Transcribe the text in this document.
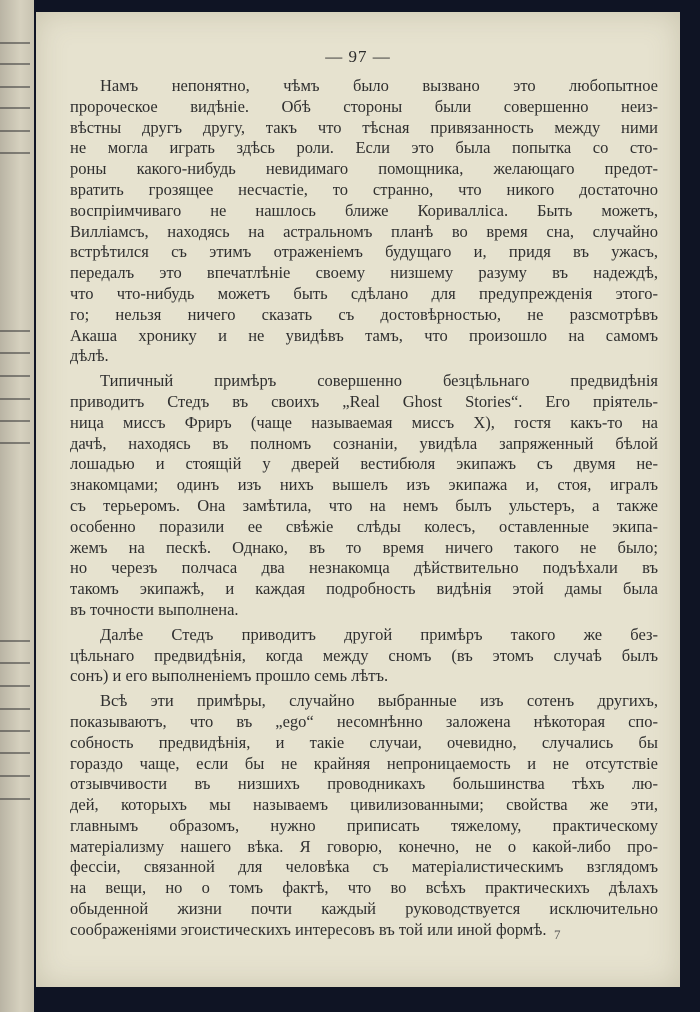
— 97 —
Намъ непонятно, чѣмъ было вызвано это любопытное
пророческое видѣніе. Обѣ стороны были совершенно неиз-
вѣстны другъ другу, такъ что тѣсная привязанность между ними
не могла играть здѣсь роли. Если это была попытка со сто-
роны какого-нибудь невидимаго помощника, желающаго предот-
вратить грозящее несчастіе, то странно, что никого достаточно
воспріимчиваго не нашлось ближе Коривалліса. Быть можетъ,
Вилліамсъ, находясь на астральномъ планѣ во время сна, случайно
встрѣтился съ этимъ отраженіемъ будущаго и, придя въ ужасъ,
передалъ это впечатлѣніе своему низшему разуму въ надеждѣ,
что что-нибудь можетъ быть сдѣлано для предупрежденія этого-
го; нельзя ничего сказать съ достовѣрностью, не разсмотрѣвъ
Акаша хронику и не увидѣвъ тамъ, что произошло на самомъ
дѣлѣ.
Типичный примѣръ совершенно безцѣльнаго предвидѣнія
приводитъ Стедъ въ своихъ „Real Ghost Stories“. Его пріятель-
ница миссъ Фриръ (чаще называемая миссъ Х), гостя какъ-то на
дачѣ, находясь въ полномъ сознаніи, увидѣла запряженный бѣлой
лошадью и стоящій у дверей вестибюля экипажъ съ двумя не-
знакомцами; одинъ изъ нихъ вышелъ изъ экипажа и, стоя, игралъ
съ терьеромъ. Она замѣтила, что на немъ былъ ульстеръ, а также
особенно поразили ее свѣжіе слѣды колесъ, оставленные экипа-
жемъ на пескѣ. Однако, въ то время ничего такого не было;
но черезъ полчаса два незнакомца дѣйствительно подъѣхали въ
такомъ экипажѣ, и каждая подробность видѣнія этой дамы была
въ точности выполнена.
Далѣе Стедъ приводитъ другой примѣръ такого же без-
цѣльнаго предвидѣнія, когда между сномъ (въ этомъ случаѣ былъ
сонъ) и его выполненіемъ прошло семь лѣтъ.
Всѣ эти примѣры, случайно выбранные изъ сотенъ другихъ,
показываютъ, что въ „ego“ несомнѣнно заложена нѣкоторая спо-
собность предвидѣнія, и такіе случаи, очевидно, случались бы
гораздо чаще, если бы не крайняя непроницаемость и не отсутствіе
отзывчивости въ низшихъ проводникахъ большинства тѣхъ лю-
дей, которыхъ мы называемъ цивилизованными; свойства же эти,
главнымъ образомъ, нужно приписать тяжелому, практическому
матеріализму нашего вѣка. Я говорю, конечно, не о какой-либо про-
фессіи, связанной для человѣка съ матеріалистическимъ взглядомъ
на вещи, но о томъ фактѣ, что во всѣхъ практическихъ дѣлахъ
обыденной жизни почти каждый руководствуется исключительно
соображеніями эгоистическихъ интересовъ въ той или иной формѣ. 7
